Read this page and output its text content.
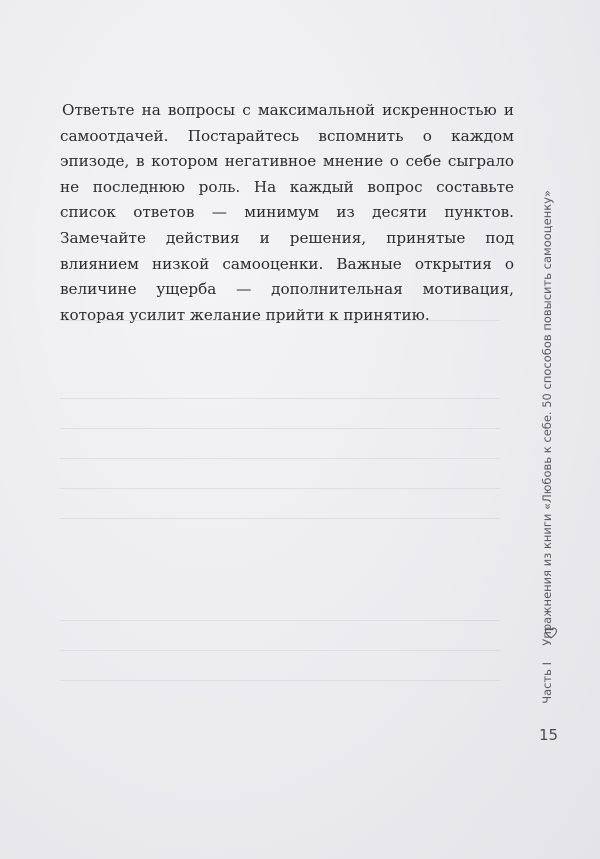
Ответьте на вопросы с максимальной искренностью и самоотдачей. Постарайтесь вспомнить о каждом эпизоде, в котором негативное мнение о себе сыграло не последнюю роль. На каждый вопрос составьте список ответов — минимум из десяти пунктов. Замечайте действия и решения, принятые под влиянием низкой самооценки. Важные открытия о величине ущерба — дополнительная мотивация, которая усилит желание прийти к принятию.	Упражнения из книги «Любовь к себе. 50 способов повысить самооценку»
Часть I
15
